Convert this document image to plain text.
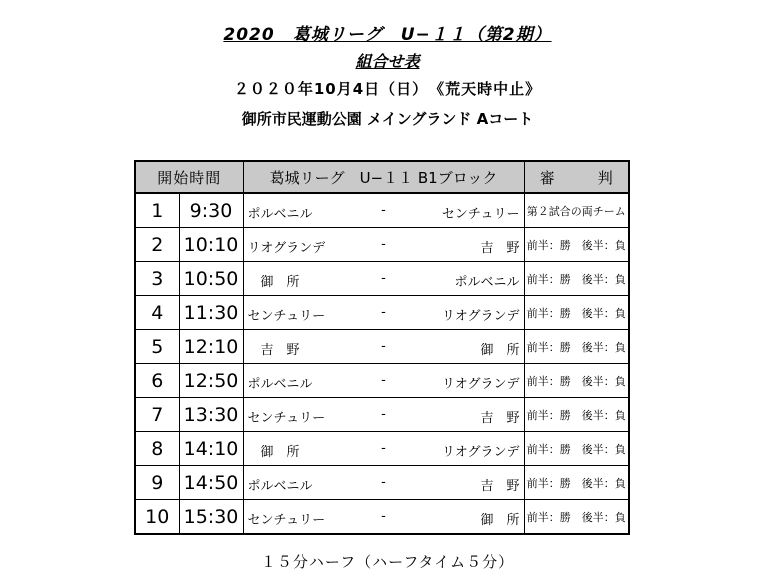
2020　葛城リーグ　U−１１（第2期）
組合せ表
２０２０年10月4日（日）　《荒天時中止》
御所市民運動公園 メイングランド Aコート
開始時間		葛城リーグ　U−１１ B1ブロック	審　判
1	9:30	ポルベニル - センチュリー	第２試合の両チーム
2	10:10	リオグランデ - 吉　野	前半：勝　後半：負
3	10:50	　御　所 - ポルベニル	前半：勝　後半：負
4	11:30	センチュリー - リオグランデ	前半：勝　後半：負
5	12:10	　吉　野 - 御　所	前半：勝　後半：負
6	12:50	ポルベニル - リオグランデ	前半：勝　後半：負
7	13:30	センチュリー - 吉　野	前半：勝　後半：負
8	14:10	　御　所 - リオグランデ	前半：勝　後半：負
9	14:50	ポルベニル - 吉　野	前半：勝　後半：負
10	15:30	センチュリー - 御　所	前半：勝　後半：負
１５分ハーフ（ハーフタイム５分）
